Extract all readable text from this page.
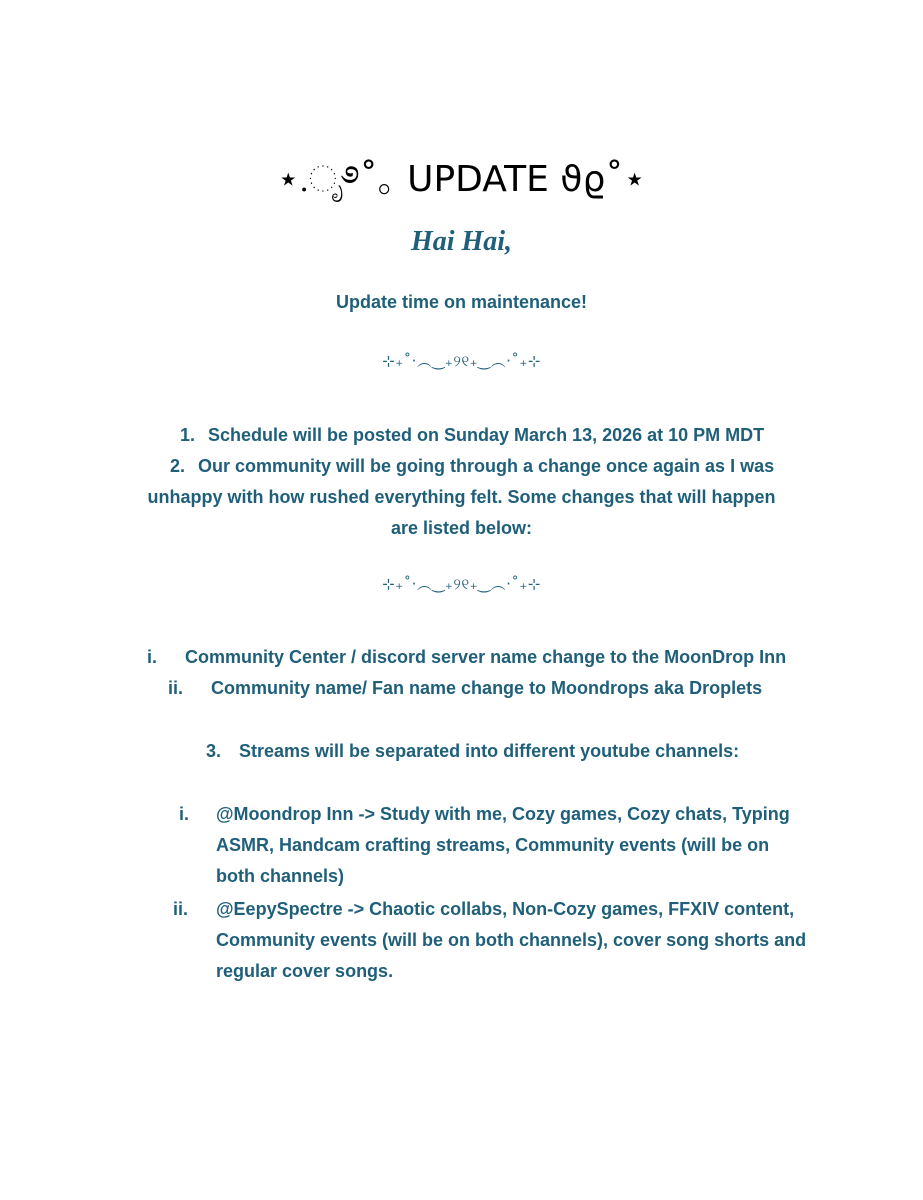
⋆.ೃ࿔˚｡ UPDATE ϑϱ˚⋆
Hai Hai,
Update time on maintenance!
⊹₊˚‧︵‿₊୨୧₊‿︵‧˚₊⊹
1. Schedule will be posted on Sunday March 13, 2026 at 10 PM MDT
2. Our community will be going through a change once again as I was
unhappy with how rushed everything felt. Some changes that will happen
are listed below:
⊹₊˚‧︵‿₊୨୧₊‿︵‧˚₊⊹
i. Community Center / discord server name change to the MoonDrop Inn
ii. Community name/ Fan name change to Moondrops aka Droplets
3. Streams will be separated into different youtube channels:
i. @Moondrop Inn -> Study with me, Cozy games, Cozy chats, Typing
ASMR, Handcam crafting streams, Community events (will be on
both channels)
ii. @EepySpectre -> Chaotic collabs, Non-Cozy games, FFXIV content,
Community events (will be on both channels), cover song shorts and
regular cover songs.
